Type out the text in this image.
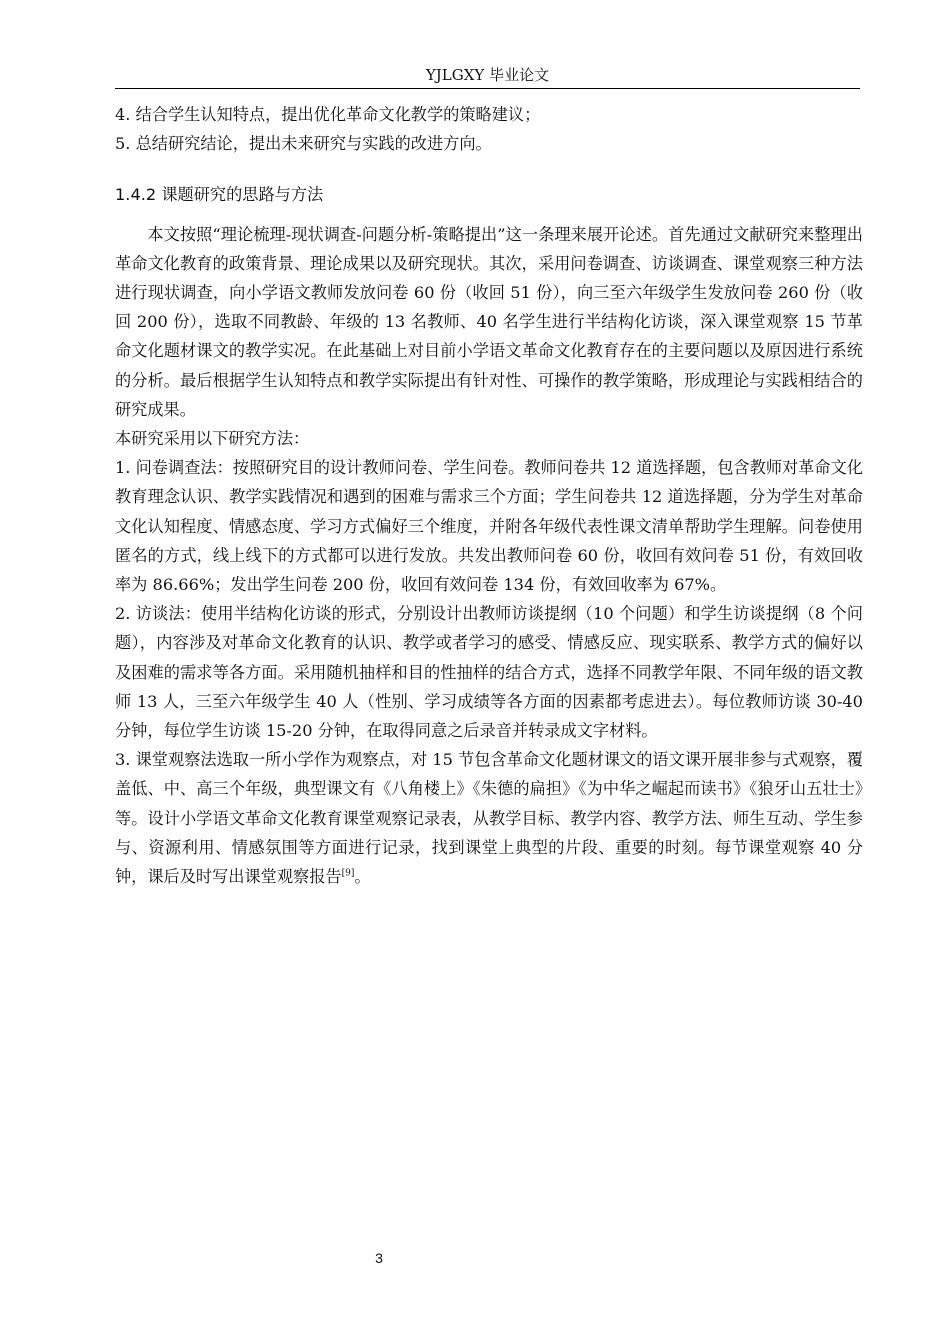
YJLGXY 毕业论文

4. 结合学生认知特点，提出优化革命文化教学的策略建议；

5. 总结研究结论，提出未来研究与实践的改进方向。

1.4.2 课题研究的思路与方法

本文按照“理论梳理-现状调查-问题分析-策略提出”这一条理来展开论述。首先通过文献研究来整理出革命文化教育的政策背景、理论成果以及研究现状。其次，采用问卷调查、访谈调查、课堂观察三种方法进行现状调查，向小学语文教师发放问卷 60 份（收回 51 份），向三至六年级学生发放问卷 260 份（收回 200 份），选取不同教龄、年级的 13 名教师、40 名学生进行半结构化访谈，深入课堂观察 15 节革命文化题材课文的教学实况。在此基础上对目前小学语文革命文化教育存在的主要问题以及原因进行系统的分析。最后根据学生认知特点和教学实际提出有针对性、可操作的教学策略，形成理论与实践相结合的研究成果。

本研究采用以下研究方法：

1. 问卷调查法：按照研究目的设计教师问卷、学生问卷。教师问卷共 12 道选择题，包含教师对革命文化教育理念认识、教学实践情况和遇到的困难与需求三个方面；学生问卷共 12 道选择题，分为学生对革命文化认知程度、情感态度、学习方式偏好三个维度，并附各年级代表性课文清单帮助学生理解。问卷使用匿名的方式，线上线下的方式都可以进行发放。共发出教师问卷 60 份，收回有效问卷 51 份，有效回收率为 86.66%；发出学生问卷 200 份，收回有效问卷 134 份，有效回收率为 67%。

2. 访谈法：使用半结构化访谈的形式，分别设计出教师访谈提纲（10 个问题）和学生访谈提纲（8 个问题），内容涉及对革命文化教育的认识、教学或者学习的感受、情感反应、现实联系、教学方式的偏好以及困难的需求等各方面。采用随机抽样和目的性抽样的结合方式，选择不同教学年限、不同年级的语文教师 13 人，三至六年级学生 40 人（性别、学习成绩等各方面的因素都考虑进去）。每位教师访谈 30-40 分钟，每位学生访谈 15-20 分钟，在取得同意之后录音并转录成文字材料。

3. 课堂观察法选取一所小学作为观察点，对 15 节包含革命文化题材课文的语文课开展非参与式观察，覆盖低、中、高三个年级，典型课文有《八角楼上》《朱德的扁担》《为中华之崛起而读书》《狼牙山五壮士》等。设计小学语文革命文化教育课堂观察记录表，从教学目标、教学内容、教学方法、师生互动、学生参与、资源利用、情感氛围等方面进行记录，找到课堂上典型的片段、重要的时刻。每节课堂观察 40 分钟，课后及时写出课堂观察报告[9]。

3
